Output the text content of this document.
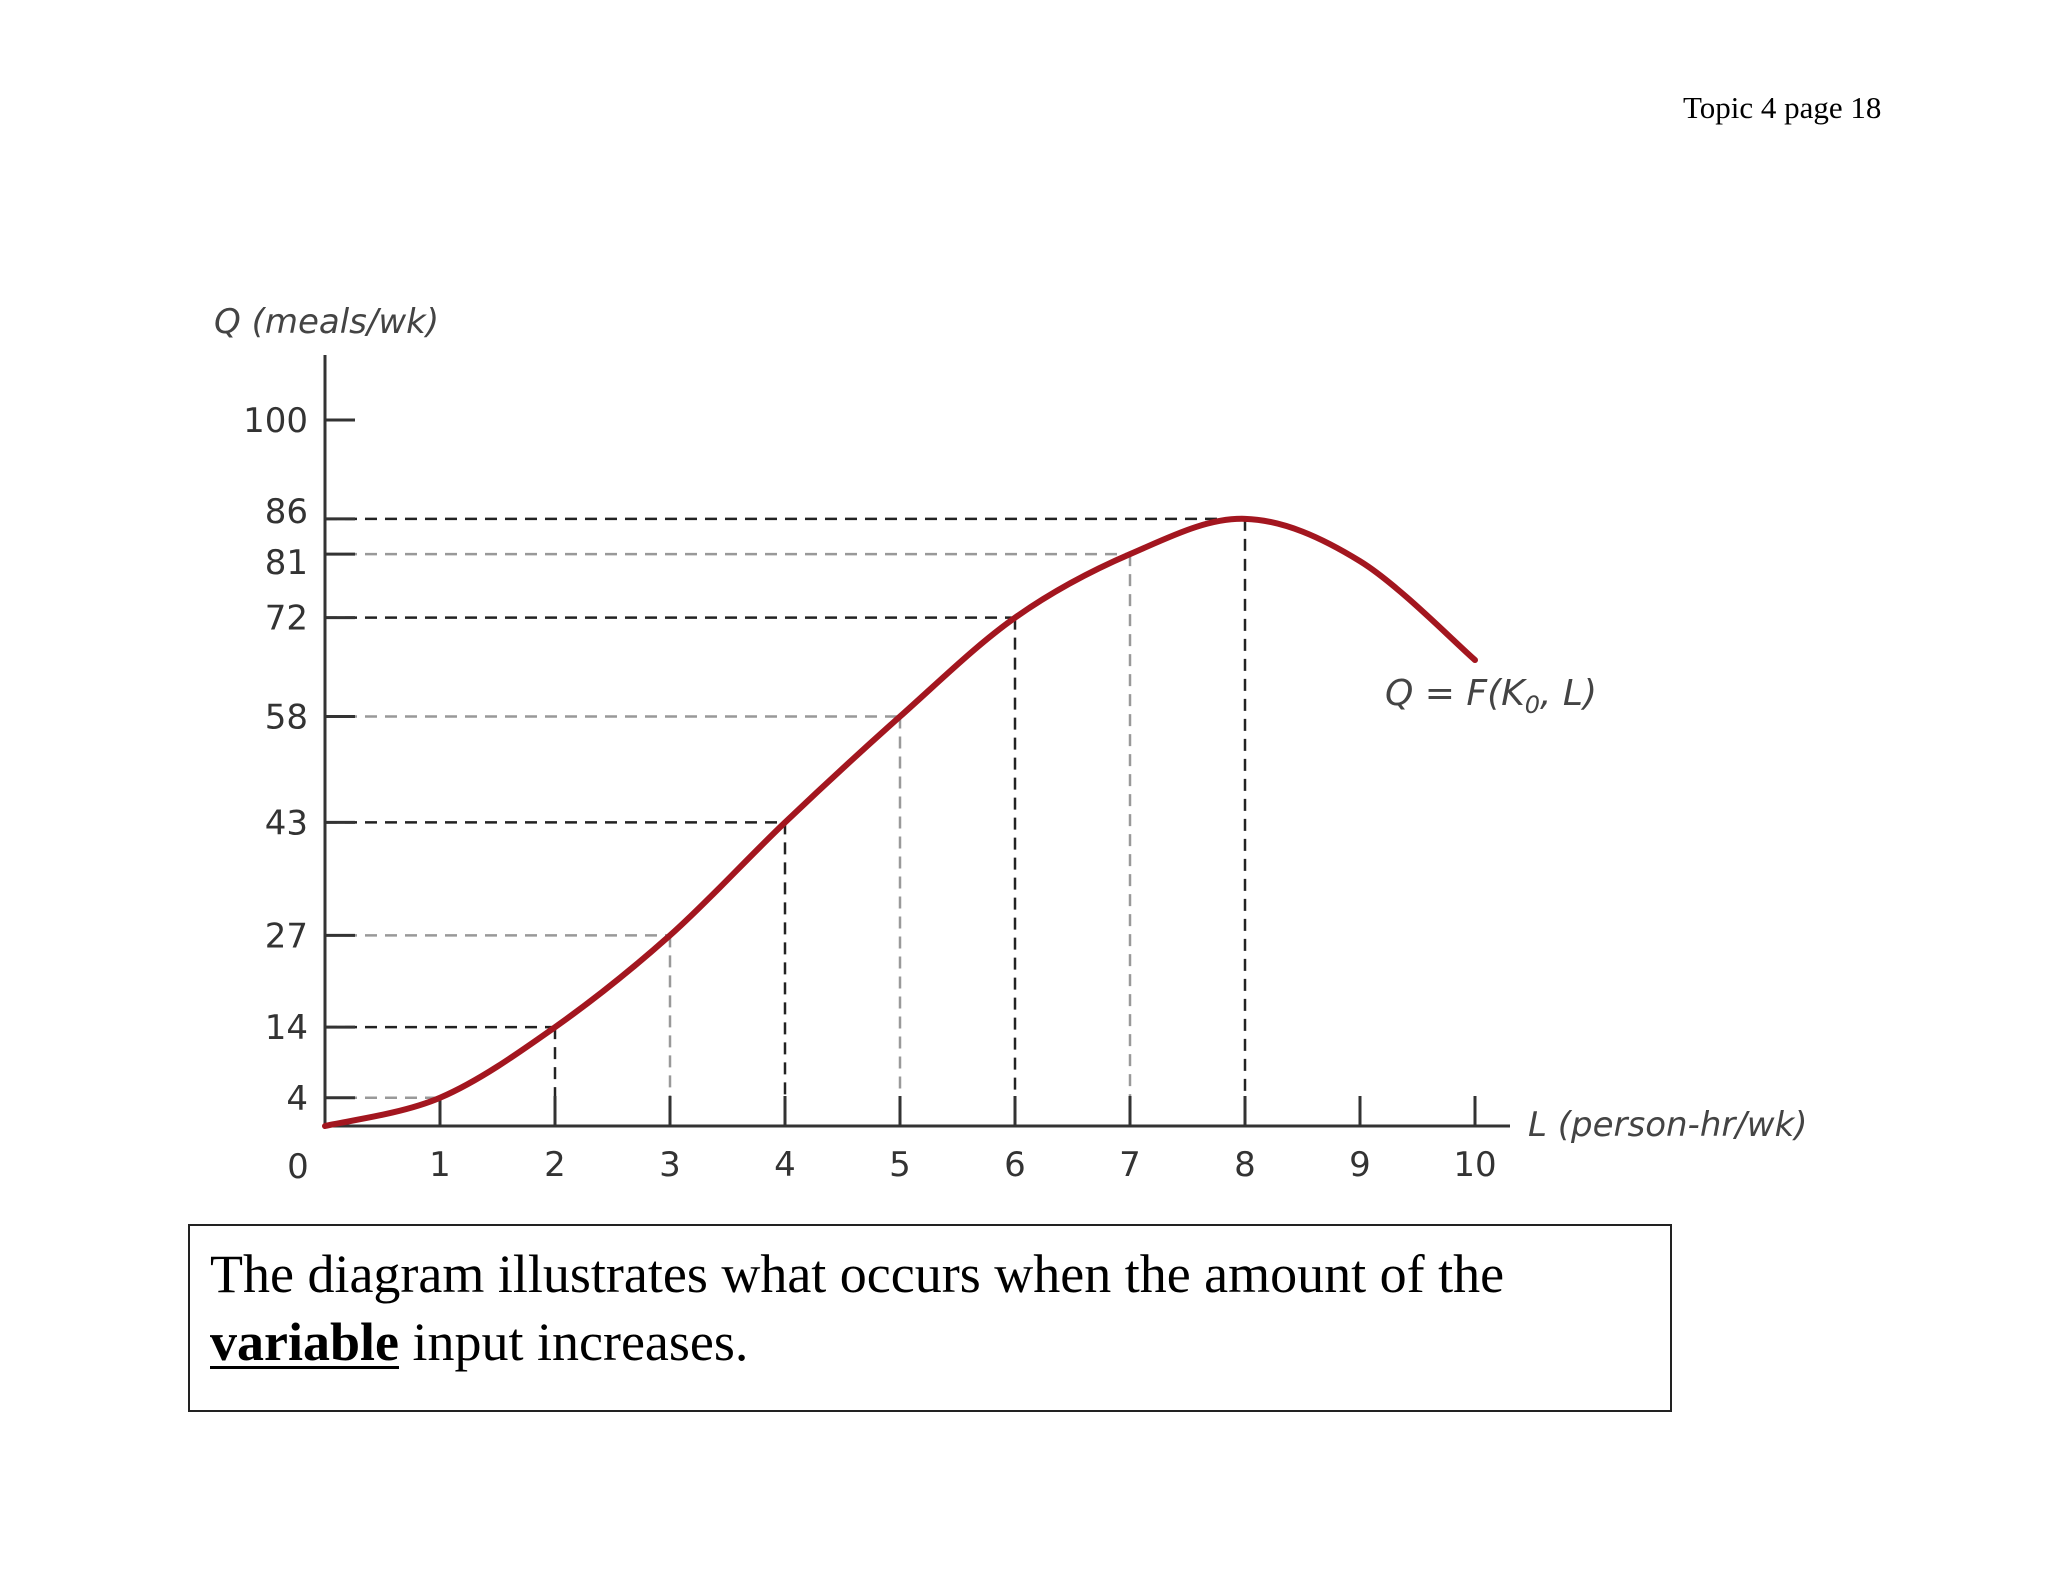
Topic 4 page 18
4
14
27
43
58
72
81
86
100
1	2	3	4	5	6	7	8	9 10
Q (meals/wk)
L (person-hr/wk)
0
$Q = F(K_0$, L)
The diagram illustrates what occurs when the amount of the
variable input increases.
